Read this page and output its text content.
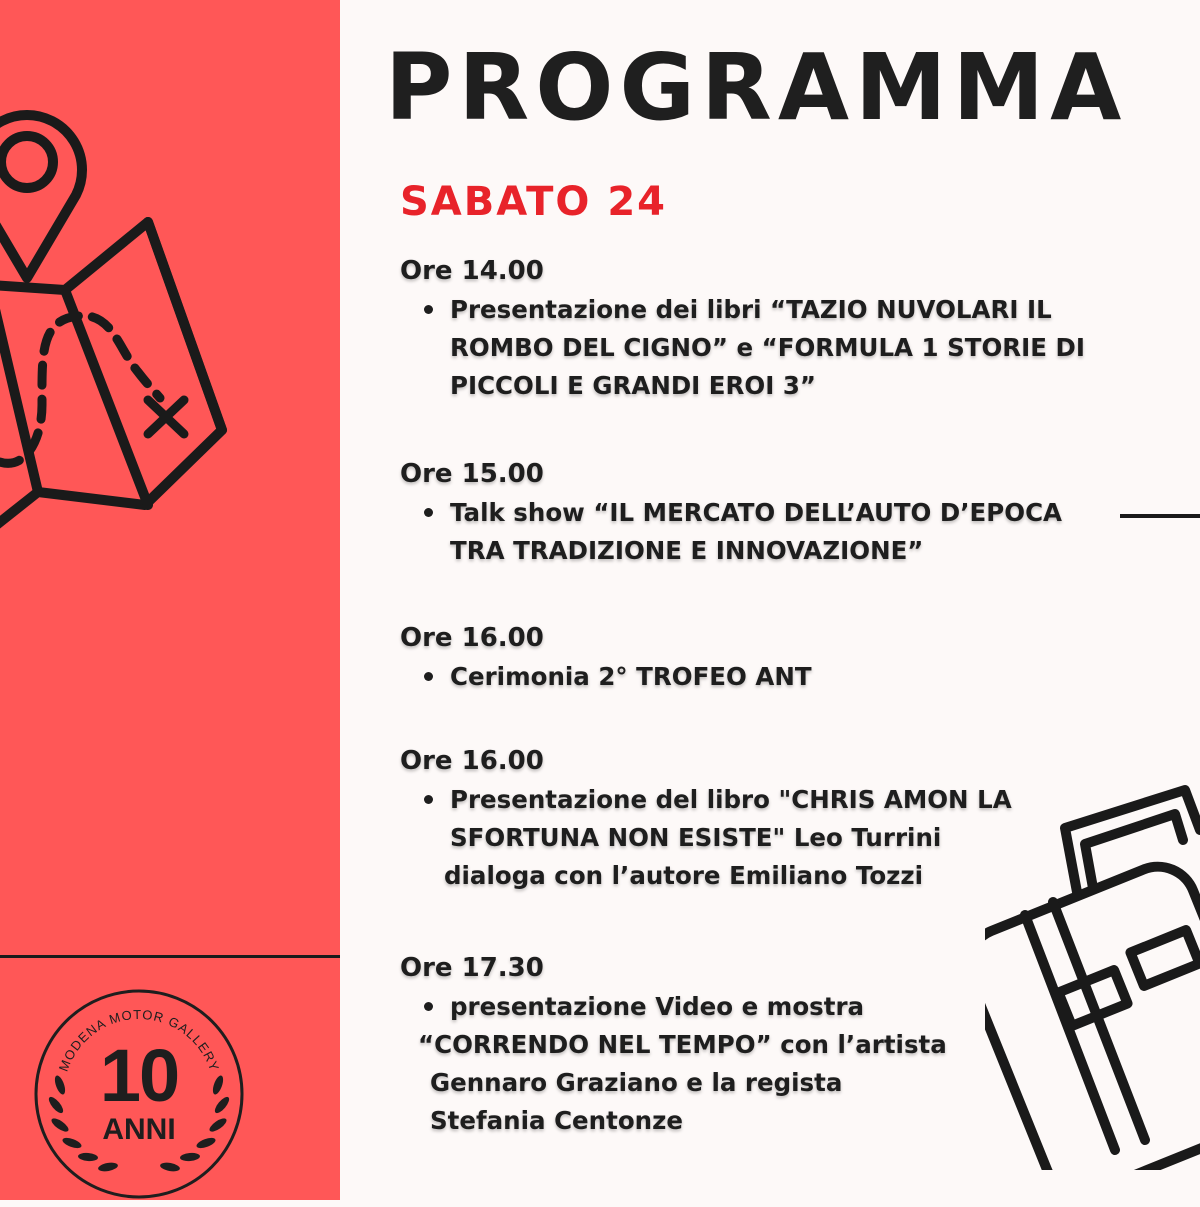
MODENA MOTOR GALLERY
10
ANNI
PROGRAMMA
SABATO 24
Ore 14.00
Presentazione dei libri “TAZIO NUVOLARI IL
ROMBO DEL CIGNO” e “FORMULA 1 STORIE DI
PICCOLI E GRANDI EROI 3”
Ore 15.00
Talk show “IL MERCATO DELL’AUTO D’EPOCA
TRA TRADIZIONE E INNOVAZIONE”
Ore 16.00
Cerimonia 2° TROFEO ANT
Ore 16.00
Presentazione del libro "CHRIS AMON LA
SFORTUNA NON ESISTE" Leo Turrini
dialoga con l’autore Emiliano Tozzi
Ore 17.30
presentazione Video e mostra
“CORRENDO NEL TEMPO” con l’artista
Gennaro Graziano e la regista
Stefania Centonze
